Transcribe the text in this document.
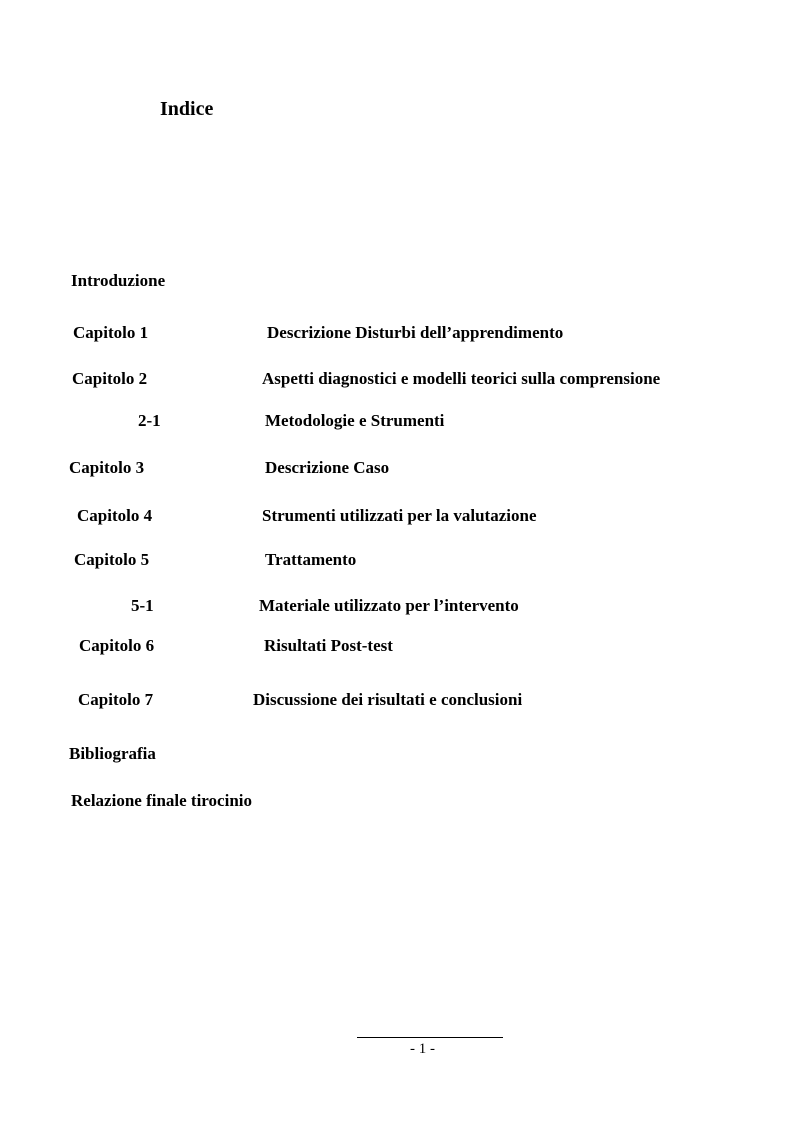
Indice
Introduzione
Capitolo 1	Descrizione Disturbi dell’apprendimento
Capitolo 2	Aspetti diagnostici e modelli teorici sulla comprensione
2-1	Metodologie e Strumenti
Capitolo 3	Descrizione Caso
Capitolo 4	Strumenti utilizzati per la valutazione
Capitolo 5	Trattamento
5-1	Materiale utilizzato per l’intervento
Capitolo 6	Risultati Post-test
Capitolo 7	Discussione dei risultati e conclusioni
Bibliografia
Relazione finale tirocinio
- 1 -
